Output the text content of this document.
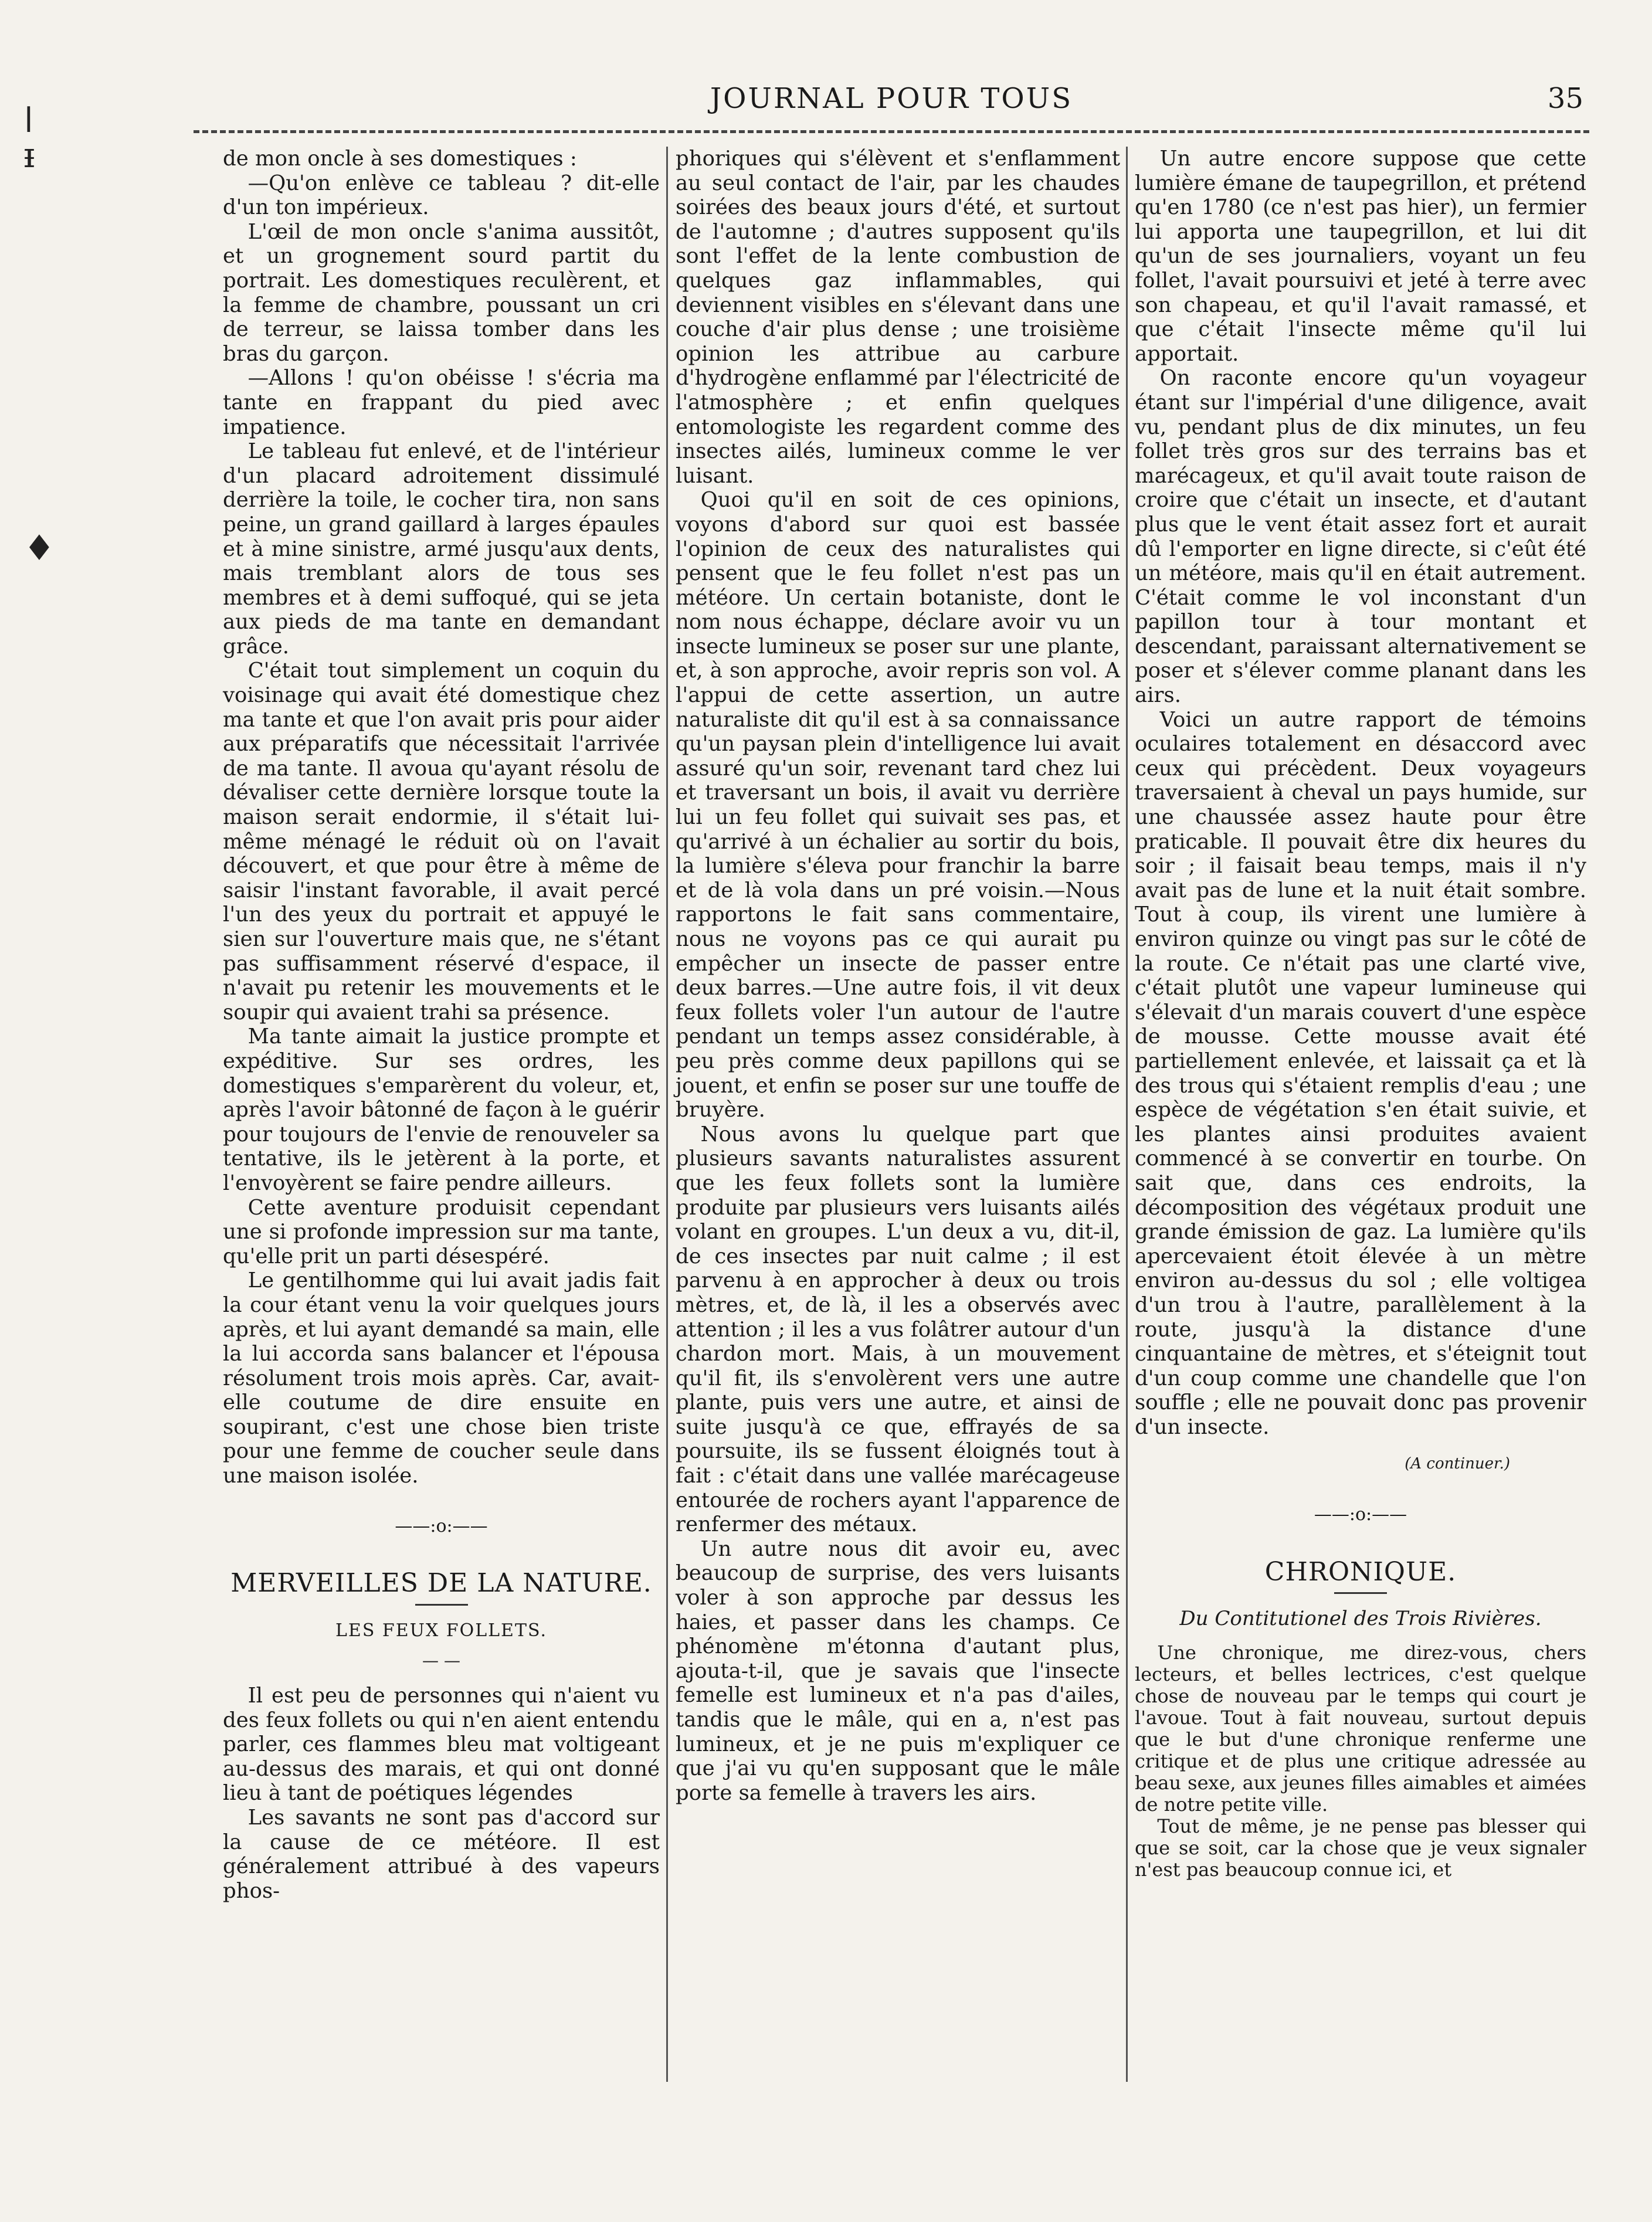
ǀ
ᵻ
♦
JOURNAL POUR TOUS	35

de mon oncle à ses domestiques :

—Qu'on enlève ce tableau ? dit-elle d'un ton impérieux.

L'œil de mon oncle s'anima aussitôt, et un grognement sourd partit du portrait. Les domestiques reculèrent, et la femme de chambre, poussant un cri de terreur, se laissa tomber dans les bras du garçon.

—Allons ! qu'on obéisse ! s'écria ma tante en frappant du pied avec impatience.

Le tableau fut enlevé, et de l'intérieur d'un placard adroitement dissimulé derrière la toile, le cocher tira, non sans peine, un grand gaillard à larges épaules et à mine sinistre, armé jusqu'aux dents, mais tremblant alors de tous ses membres et à demi suffoqué, qui se jeta aux pieds de ma tante en demandant grâce.

C'était tout simplement un coquin du voisinage qui avait été domestique chez ma tante et que l'on avait pris pour aider aux préparatifs que nécessitait l'arrivée de ma tante. Il avoua qu'ayant résolu de dévaliser cette dernière lorsque toute la maison serait endormie, il s'était lui-même ménagé le réduit où on l'avait découvert, et que pour être à même de saisir l'instant favorable, il avait percé l'un des yeux du portrait et appuyé le sien sur l'ouverture mais que, ne s'étant pas suffisamment réservé d'espace, il n'avait pu retenir les mouvements et le soupir qui avaient trahi sa présence.

Ma tante aimait la justice prompte et expéditive. Sur ses ordres, les domestiques s'emparèrent du voleur, et, après l'avoir bâtonné de façon à le guérir pour toujours de l'envie de renouveler sa tentative, ils le jetèrent à la porte, et l'envoyèrent se faire pendre ailleurs.

Cette aventure produisit cependant une si profonde impression sur ma tante, qu'elle prit un parti désespéré.

Le gentilhomme qui lui avait jadis fait la cour étant venu la voir quelques jours après, et lui ayant demandé sa main, elle la lui accorda sans balancer et l'épousa résolument trois mois après. Car, avait-elle coutume de dire ensuite en soupirant, c'est une chose bien triste pour une femme de coucher seule dans une maison isolée.

——:o:——

MERVEILLES DE LA NATURE.

LES FEUX FOLLETS.

— —

Il est peu de personnes qui n'aient vu des feux follets ou qui n'en aient entendu parler, ces flammes bleu mat voltigeant au-dessus des marais, et qui ont donné lieu à tant de poétiques légendes

Les savants ne sont pas d'accord sur la cause de ce météore. Il est généralement attribué à des vapeurs phos-

phoriques qui s'élèvent et s'enflamment au seul contact de l'air, par les chaudes soirées des beaux jours d'été, et surtout de l'automne ; d'autres supposent qu'ils sont l'effet de la lente combustion de quelques gaz inflammables, qui deviennent visibles en s'élevant dans une couche d'air plus dense ; une troisième opinion les attribue au carbure d'hydrogène enflammé par l'électricité de l'atmosphère ; et enfin quelques entomologiste les regardent comme des insectes ailés, lumineux comme le ver luisant.

Quoi qu'il en soit de ces opinions, voyons d'abord sur quoi est bassée l'opinion de ceux des naturalistes qui pensent que le feu follet n'est pas un météore. Un certain botaniste, dont le nom nous échappe, déclare avoir vu un insecte lumineux se poser sur une plante, et, à son approche, avoir repris son vol. A l'appui de cette assertion, un autre naturaliste dit qu'il est à sa connaissance qu'un paysan plein d'intelligence lui avait assuré qu'un soir, revenant tard chez lui et traversant un bois, il avait vu derrière lui un feu follet qui suivait ses pas, et qu'arrivé à un échalier au sortir du bois, la lumière s'éleva pour franchir la barre et de là vola dans un pré voisin.—Nous rapportons le fait sans commentaire, nous ne voyons pas ce qui aurait pu empêcher un insecte de passer entre deux barres.—Une autre fois, il vit deux feux follets voler l'un autour de l'autre pendant un temps assez considérable, à peu près comme deux papillons qui se jouent, et enfin se poser sur une touffe de bruyère.

Nous avons lu quelque part que plusieurs savants naturalistes assurent que les feux follets sont la lumière produite par plusieurs vers luisants ailés volant en groupes. L'un deux a vu, dit-il, de ces insectes par nuit calme ; il est parvenu à en approcher à deux ou trois mètres, et, de là, il les a observés avec attention ; il les a vus folâtrer autour d'un chardon mort. Mais, à un mouvement qu'il fit, ils s'envolèrent vers une autre plante, puis vers une autre, et ainsi de suite jusqu'à ce que, effrayés de sa poursuite, ils se fussent éloignés tout à fait : c'était dans une vallée marécageuse entourée de rochers ayant l'apparence de renfermer des métaux.

Un autre nous dit avoir eu, avec beaucoup de surprise, des vers luisants voler à son approche par dessus les haies, et passer dans les champs. Ce phénomène m'étonna d'autant plus, ajouta-t-il, que je savais que l'insecte femelle est lumineux et n'a pas d'ailes, tandis que le mâle, qui en a, n'est pas lumineux, et je ne puis m'expliquer ce que j'ai vu qu'en supposant que le mâle porte sa femelle à travers les airs.

Un autre encore suppose que cette lumière émane de taupegrillon, et prétend qu'en 1780 (ce n'est pas hier), un fermier lui apporta une taupegrillon, et lui dit qu'un de ses journaliers, voyant un feu follet, l'avait poursuivi et jeté à terre avec son chapeau, et qu'il l'avait ramassé, et que c'était l'insecte même qu'il lui apportait.

On raconte encore qu'un voyageur étant sur l'impérial d'une diligence, avait vu, pendant plus de dix minutes, un feu follet très gros sur des terrains bas et marécageux, et qu'il avait toute raison de croire que c'était un insecte, et d'autant plus que le vent était assez fort et aurait dû l'emporter en ligne directe, si c'eût été un météore, mais qu'il en était autrement. C'était comme le vol inconstant d'un papillon tour à tour montant et descendant, paraissant alternativement se poser et s'élever comme planant dans les airs.

Voici un autre rapport de témoins oculaires totalement en désaccord avec ceux qui précèdent. Deux voyageurs traversaient à cheval un pays humide, sur une chaussée assez haute pour être praticable. Il pouvait être dix heures du soir ; il faisait beau temps, mais il n'y avait pas de lune et la nuit était sombre. Tout à coup, ils virent une lumière à environ quinze ou vingt pas sur le côté de la route. Ce n'était pas une clarté vive, c'était plutôt une vapeur lumineuse qui s'élevait d'un marais couvert d'une espèce de mousse. Cette mousse avait été partiellement enlevée, et laissait ça et là des trous qui s'étaient remplis d'eau ; une espèce de végétation s'en était suivie, et les plantes ainsi produites avaient commencé à se convertir en tourbe. On sait que, dans ces endroits, la décomposition des végétaux produit une grande émission de gaz. La lumière qu'ils apercevaient étoit élevée à un mètre environ au-dessus du sol ; elle voltigea d'un trou à l'autre, parallèlement à la route, jusqu'à la distance d'une cinquantaine de mètres, et s'éteignit tout d'un coup comme une chandelle que l'on souffle ; elle ne pouvait donc pas provenir d'un insecte.

(A continuer.)

——:o:——

CHRONIQUE.

Du Contitutionel des Trois Rivières.

Une chronique, me direz-vous, chers lecteurs, et belles lectrices, c'est quelque chose de nouveau par le temps qui court je l'avoue. Tout à fait nouveau, surtout depuis que le but d'une chronique renferme une critique et de plus une critique adressée au beau sexe, aux jeunes filles aimables et aimées de notre petite ville.

Tout de même, je ne pense pas blesser qui que se soit, car la chose que je veux signaler n'est pas beaucoup connue ici, et
